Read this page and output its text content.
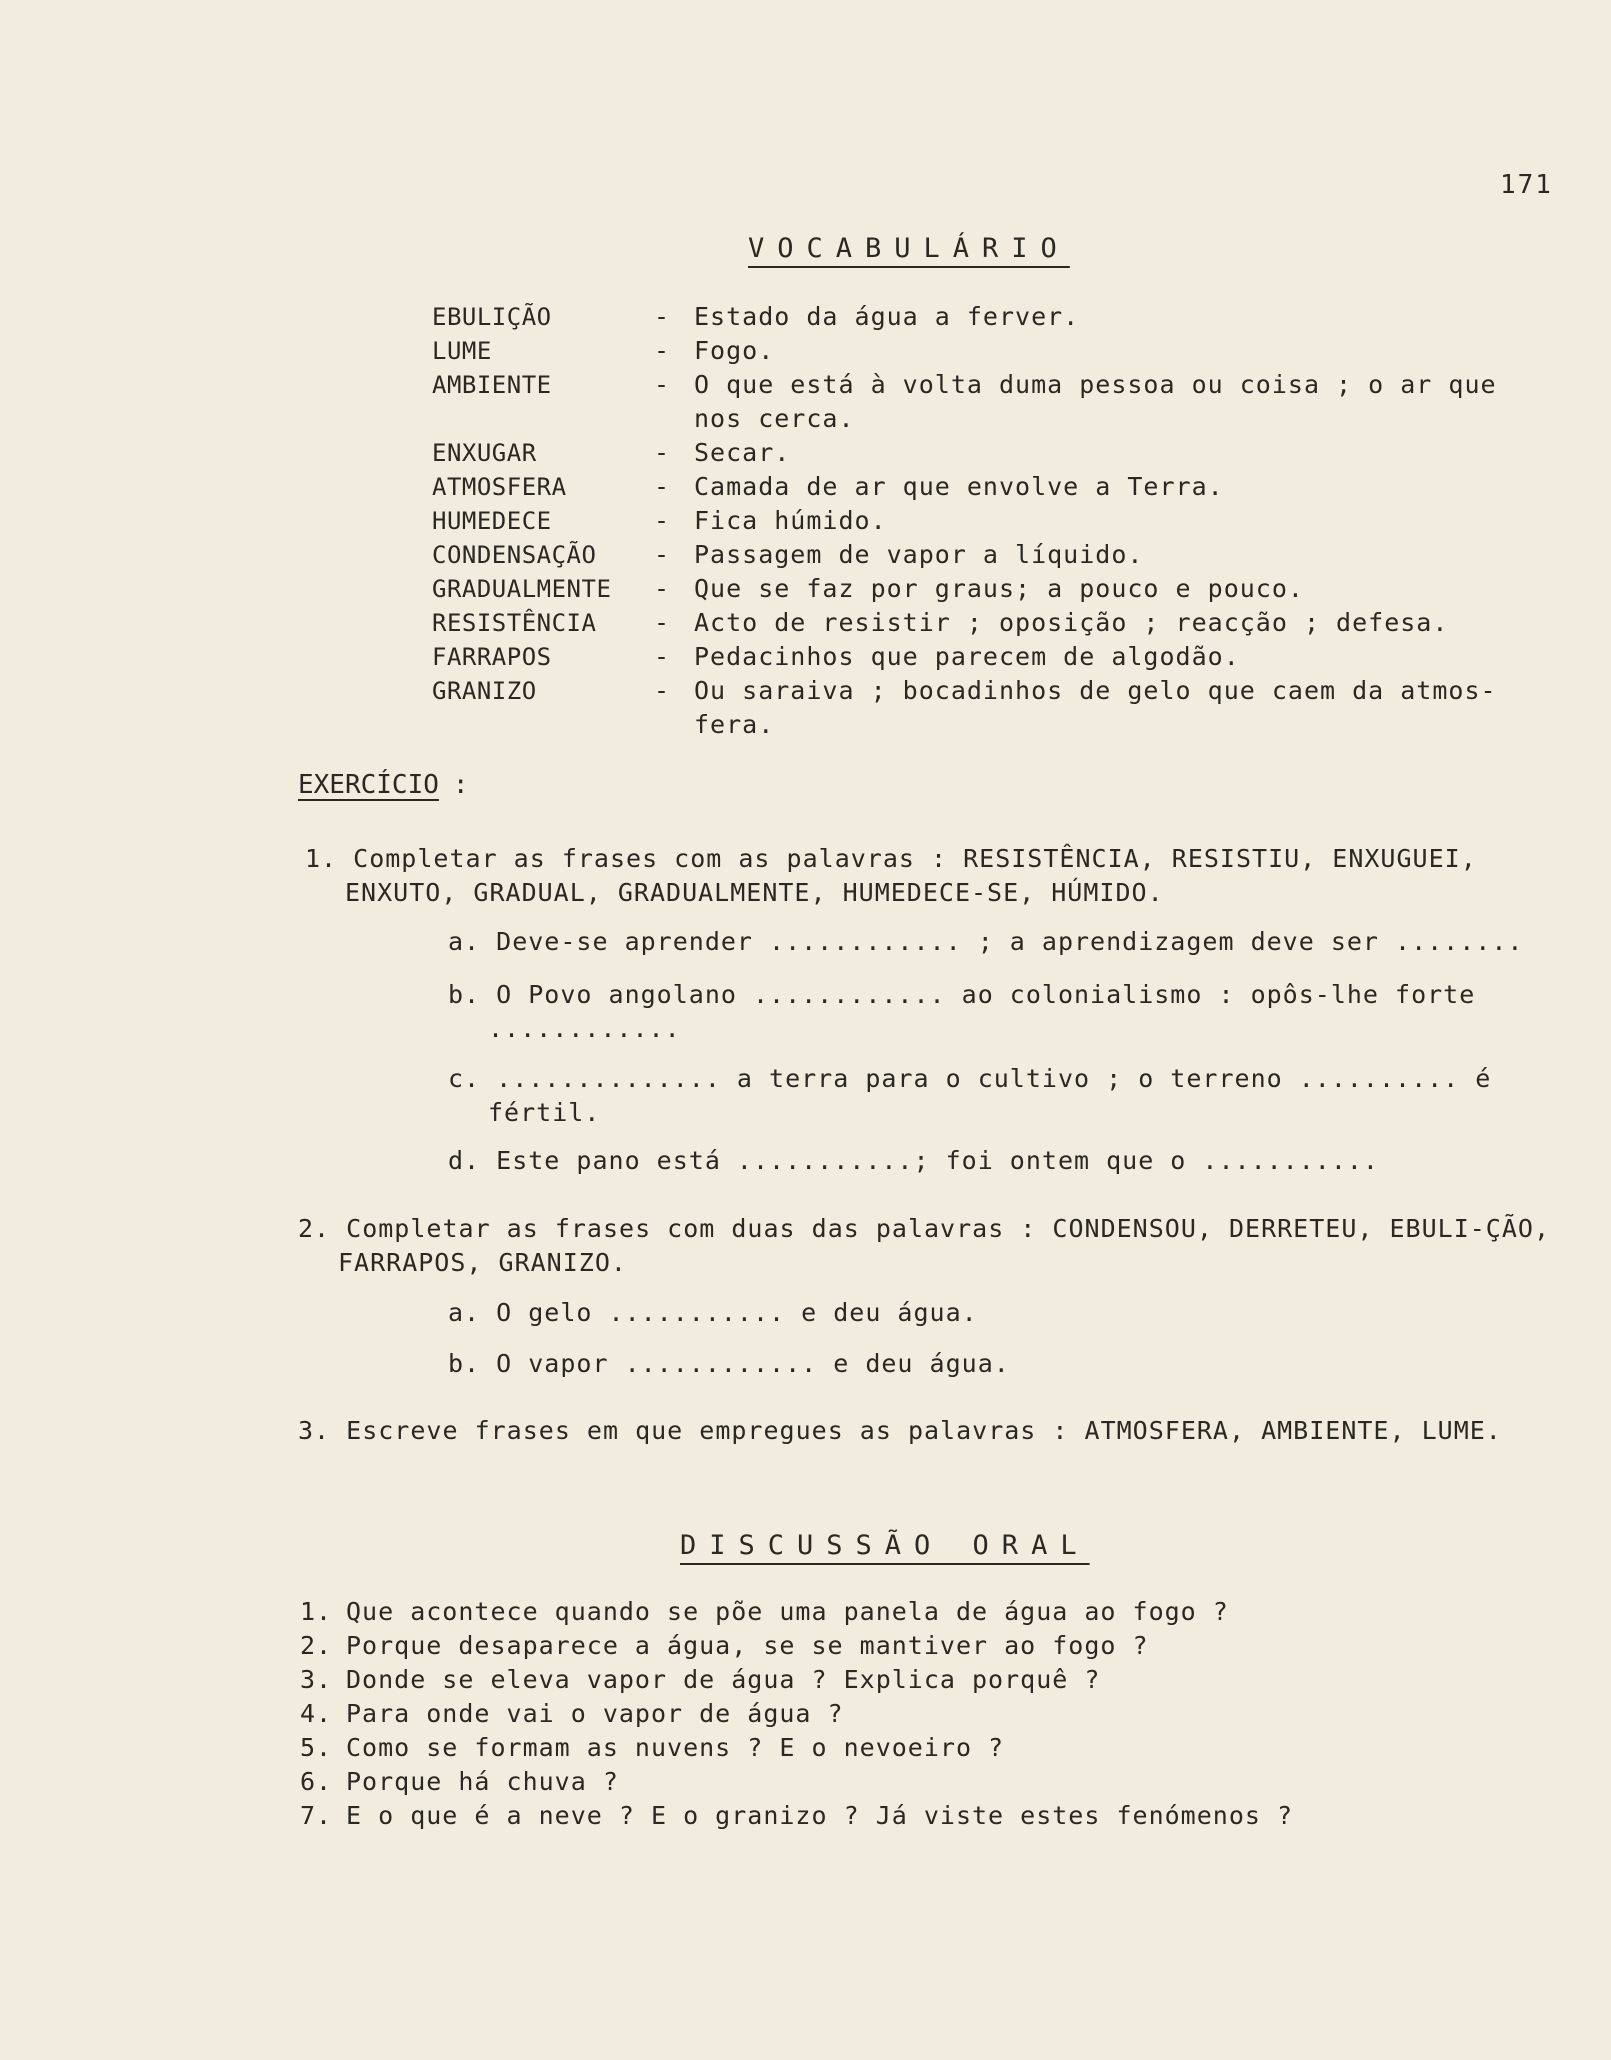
171
VOCABULÁRIO
EBULIÇÃO	- Estado da água a ferver.
LUME	- Fogo.
AMBIENTE	- O que está à volta duma pessoa ou coisa ; o ar que nos cerca.
ENXUGAR	- Secar.
ATMOSFERA	- Camada de ar que envolve a Terra.
HUMEDECE	- Fica húmido.
CONDENSAÇÃO	- Passagem de vapor a líquido.
GRADUALMENTE	- Que se faz por graus; a pouco e pouco.
RESISTÊNCIA	- Acto de resistir ; oposição ; reacção ; defesa.
FARRAPOS	- Pedacinhos que parecem de algodão.
GRANIZO	- Ou saraiva ; bocadinhos de gelo que caem da atmos-fera.
EXERCÍCIO :
1. Completar as frases com as palavras : RESISTÊNCIA, RESISTIU, ENXUGUEI, ENXUTO, GRADUAL, GRADUALMENTE, HUMEDECE-SE, HÚMIDO.
a. Deve-se aprender ............ ; a aprendizagem deve ser ........
b. O Povo angolano ............ ao colonialismo : opôs-lhe forte ............
c. .............. a terra para o cultivo ; o terreno .......... é fértil.
d. Este pano está ...........; foi ontem que o ...........
2. Completar as frases com duas das palavras : CONDENSOU, DERRETEU, EBULI-ÇÃO, FARRAPOS, GRANIZO.
a. O gelo ........... e deu água.
b. O vapor ............ e deu água.
3. Escreve frases em que empregues as palavras : ATMOSFERA, AMBIENTE, LUME.
DISCUSSÃO ORAL
1. Que acontece quando se põe uma panela de água ao fogo ?
2. Porque desaparece a água, se se mantiver ao fogo ?
3. Donde se eleva vapor de água ? Explica porquê ?
4. Para onde vai o vapor de água ?
5. Como se formam as nuvens ? E o nevoeiro ?
6. Porque há chuva ?
7. E o que é a neve ? E o granizo ? Já viste estes fenómenos ?
